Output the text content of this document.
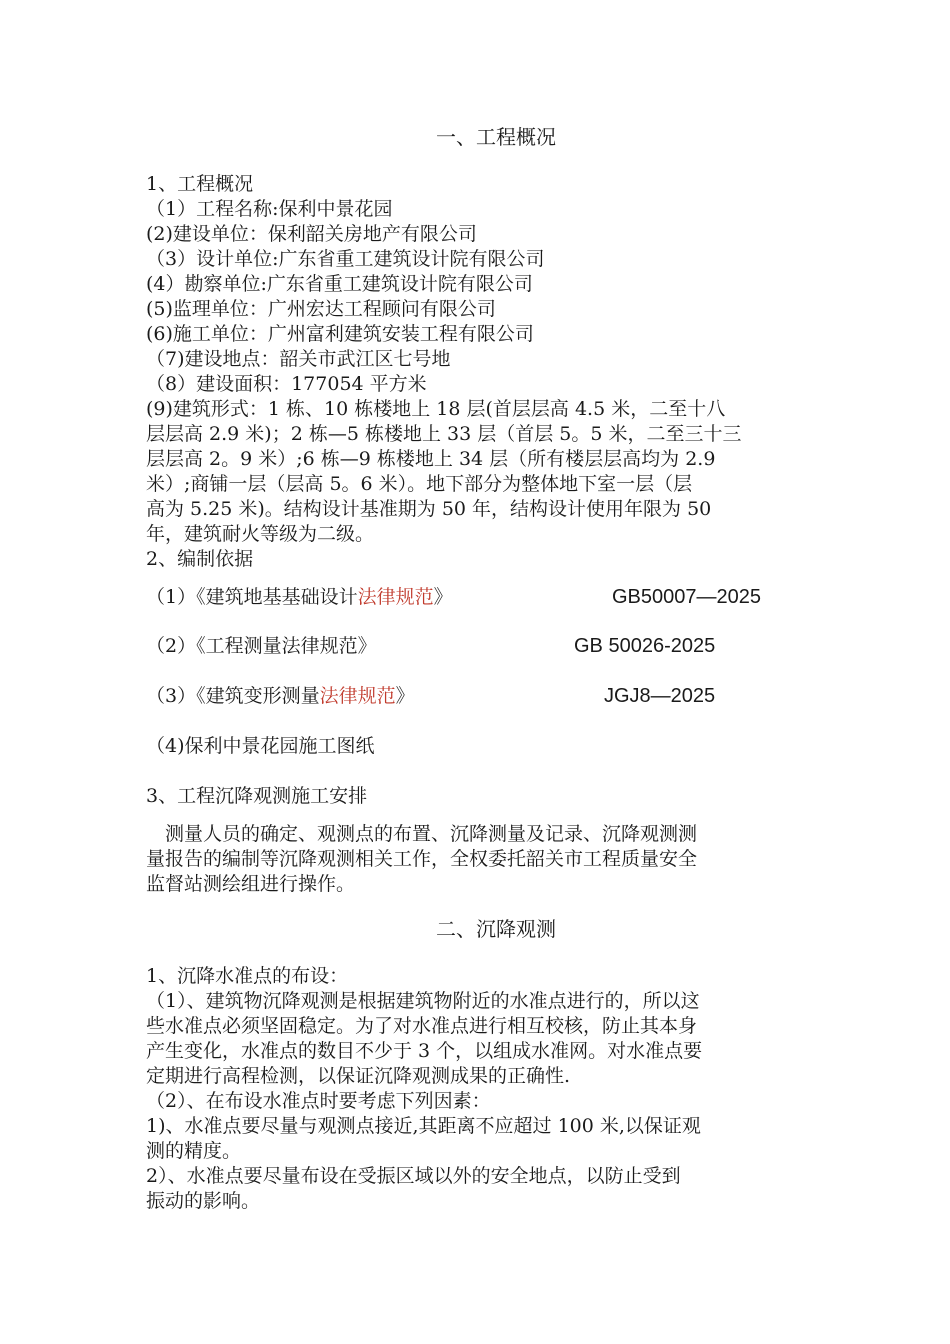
一、工程概况
1、工程概况
（1）工程名称:保利中景花园
(2)建设单位：保利韶关房地产有限公司
（3）设计单位:广东省重工建筑设计院有限公司
(4）勘察单位:广东省重工建筑设计院有限公司
(5)监理单位：广州宏达工程顾问有限公司
(6)施工单位：广州富利建筑安装工程有限公司
（7)建设地点：韶关市武江区七号地
（8）建设面积：177054 平方米
(9)建筑形式：1 栋、10 栋楼地上 18 层(首层层高 4.5 米，二至十八
层层高 2.9 米)；2 栋—5 栋楼地上 33 层（首层 5。5 米，二至三十三
层层高 2。9 米）;6 栋—9 栋楼地上 34 层（所有楼层层高均为 2.9
米）;商铺一层（层高 5。6 米）。地下部分为整体地下室一层（层
高为 5.25 米)。结构设计基准期为 50 年，结构设计使用年限为 50
年，建筑耐火等级为二级。
2、编制依据
（1）《建筑地基基础设计法律规范》	GB50007—2025
（2）《工程测量法律规范》	GB 50026-2025
（3）《建筑变形测量法律规范》	JGJ8—2025
（4)保利中景花园施工图纸
3、工程沉降观测施工安排
　测量人员的确定、观测点的布置、沉降测量及记录、沉降观测测
量报告的编制等沉降观测相关工作，全权委托韶关市工程质量安全
监督站测绘组进行操作。
二、沉降观测
1、沉降水准点的布设：
（1）、建筑物沉降观测是根据建筑物附近的水准点进行的，所以这
些水准点必须坚固稳定。为了对水准点进行相互校核，防止其本身
产生变化，水准点的数目不少于 3 个，以组成水准网。对水准点要
定期进行高程检测，以保证沉降观测成果的正确性.
（2）、在布设水准点时要考虑下列因素：
1)、水准点要尽量与观测点接近,其距离不应超过 100 米,以保证观
测的精度。
2）、水准点要尽量布设在受振区域以外的安全地点，以防止受到
振动的影响。
